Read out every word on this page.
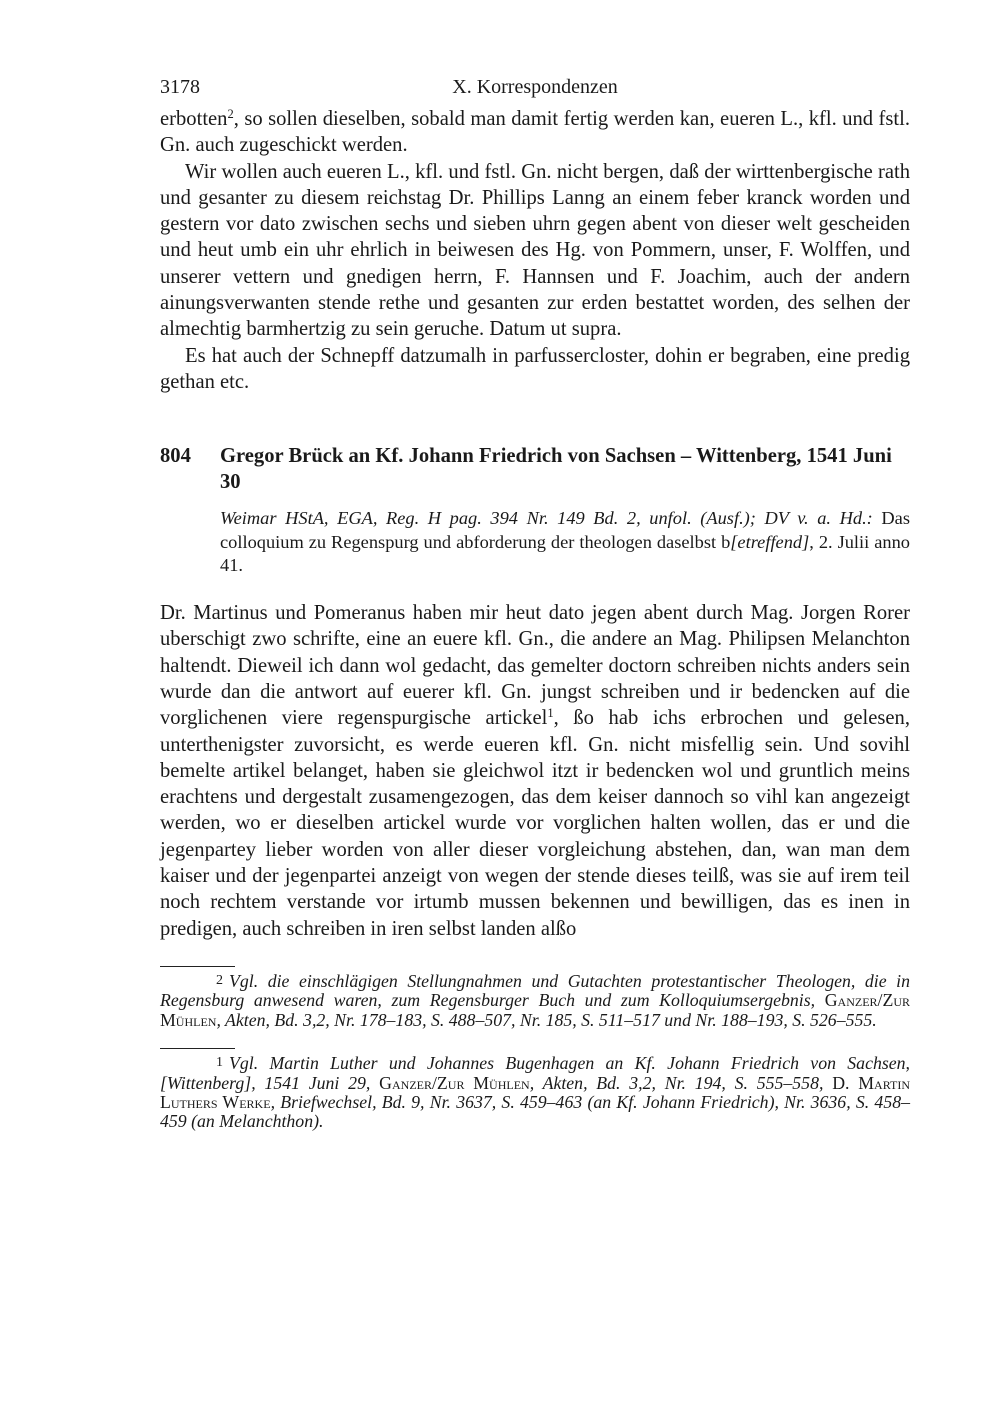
3178	X. Korrespondenzen

erbotten$^2$, so sollen dieselben, sobald man damit fertig werden kan, eueren L., kfl. und fstl. Gn. auch zugeschickt werden.

Wir wollen auch eueren L., kfl. und fstl. Gn. nicht bergen, daß der wirttenbergische rath und gesanter zu diesem reichstag Dr. Phillips Lanng an einem feber kranck worden und gestern vor dato zwischen sechs und sieben uhrn gegen abent von dieser welt gescheiden und heut umb ein uhr ehrlich in beiwesen des Hg. von Pommern, unser, F. Wolffen, und unserer vettern und gnedigen herrn, F. Hannsen und F. Joachim, auch der andern ainungsverwanten stende rethe und gesanten zur erden bestattet worden, des selhen der almechtig barmhertzig zu sein geruche. Datum ut supra.

Es hat auch der Schnepff datzumalh in parfussercloster, dohin er begraben, eine predig gethan etc.

804 Gregor Brück an Kf. Johann Friedrich von Sachsen – Wittenberg, 1541 Juni 30

Weimar HStA, EGA, Reg. H pag. 394 Nr. 149 Bd. 2, unfol. (Ausf.); DV v. a. Hd.: Das colloquium zu Regenspurg und abforderung der theologen daselbst b[etreffend], 2. Julii anno 41.

Dr. Martinus und Pomeranus haben mir heut dato jegen abent durch Mag. Jorgen Rorer uberschigt zwo schrifte, eine an euere kfl. Gn., die andere an Mag. Philipsen Melanchton haltendt. Dieweil ich dann wol gedacht, das gemelter doctorn schreiben nichts anders sein wurde dan die antwort auf euerer kfl. Gn. jungst schreiben und ir bedencken auf die vorglichenen viere regenspurgische artickel$^1$, ßo hab ichs erbrochen und gelesen, unterthenigster zuvorsicht, es werde eueren kfl. Gn. nicht misfellig sein. Und sovihl bemelte artikel belanget, haben sie gleichwol itzt ir bedencken wol und gruntlich meins erachtens und dergestalt zusamengezogen, das dem keiser dannoch so vihl kan angezeigt werden, wo er dieselben artickel wurde vor vorglichen halten wollen, das er und die jegenpartey lieber worden von aller dieser vorgleichung abstehen, dan, wan man dem kaiser und der jegenpartei anzeigt von wegen der stende dieses teilß, was sie auf irem teil noch rechtem verstande vor irtumb mussen bekennen und bewilligen, das es inen in predigen, auch schreiben in iren selbst landen alßo

2 Vgl. die einschlägigen Stellungnahmen und Gutachten protestantischer Theologen, die in Regensburg anwesend waren, zum Regensburger Buch und zum Kolloquiumsergebnis, Ganzer/Zur Mühlen, Akten, Bd. 3,2, Nr. 178–183, S. 488–507, Nr. 185, S. 511–517 und Nr. 188–193, S. 526–555.

1 Vgl. Martin Luther und Johannes Bugenhagen an Kf. Johann Friedrich von Sachsen, [Wittenberg], 1541 Juni 29, Ganzer/Zur Mühlen, Akten, Bd. 3,2, Nr. 194, S. 555–558, D. Martin Luthers Werke, Briefwechsel, Bd. 9, Nr. 3637, S. 459–463 (an Kf. Johann Friedrich), Nr. 3636, S. 458–459 (an Melanchthon).
